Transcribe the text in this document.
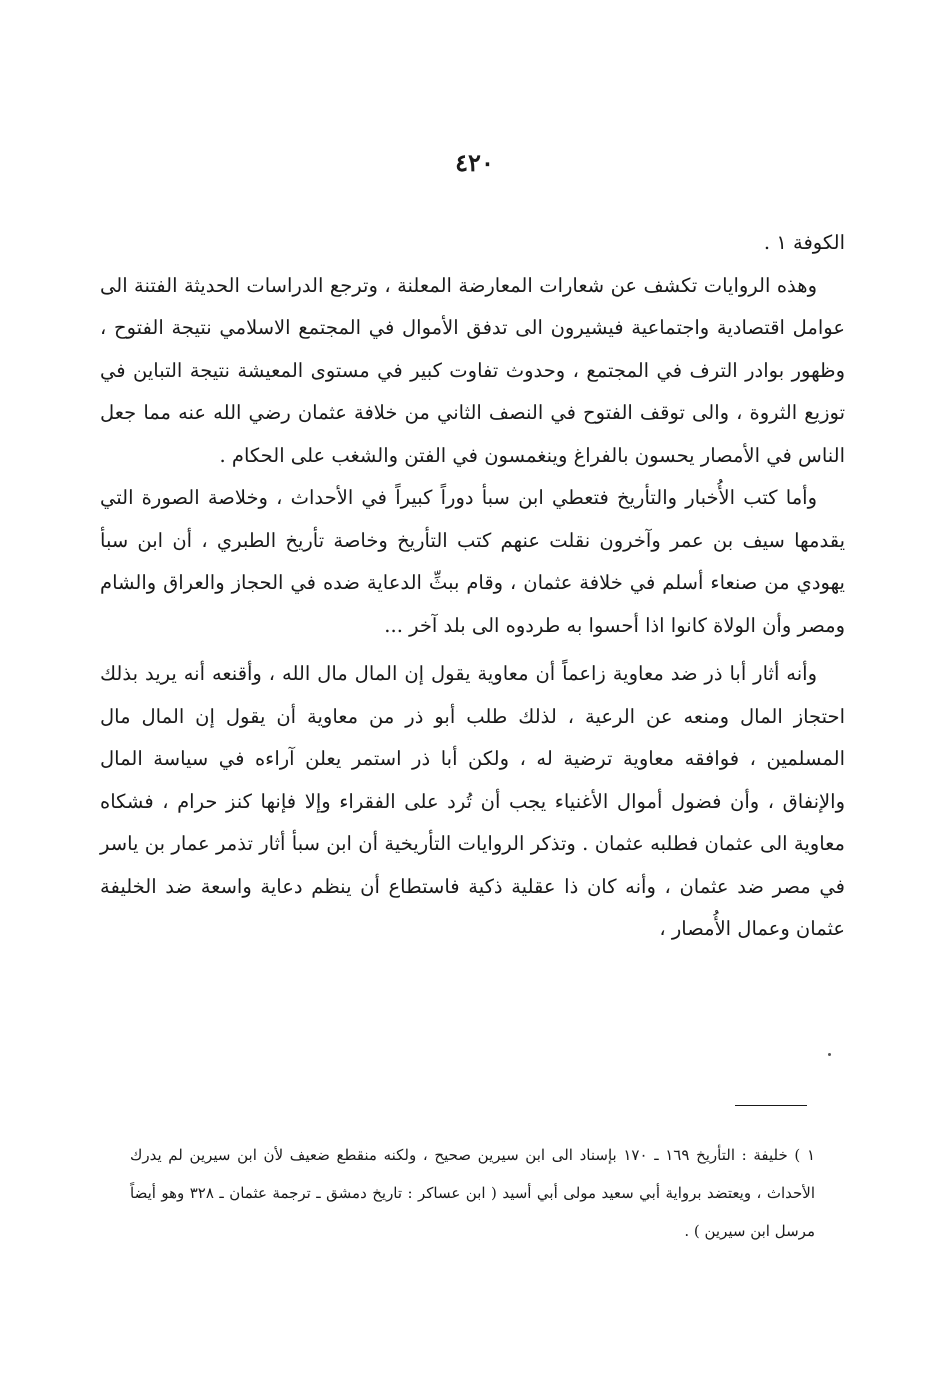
٤٢٠

الكوفة ١ .

وهذه الروايات تكشف عن شعارات المعارضة المعلنة ، وترجع الدراسات الحديثة الفتنة الى عوامل اقتصادية واجتماعية فيشيرون الى تدفق الأموال في المجتمع الاسلامي نتيجة الفتوح ، وظهور بوادر الترف في المجتمع ، وحدوث تفاوت كبير في مستوى المعيشة نتيجة التباين في توزيع الثروة ، والى توقف الفتوح في النصف الثاني من خلافة عثمان رضي الله عنه مما جعل الناس في الأمصار يحسون بالفراغ وينغمسون في الفتن والشغب على الحكام .

وأما كتب الأُخبار والتأريخ فتعطي ابن سبأ دوراً كبيراً في الأحداث ، وخلاصة الصورة التي يقدمها سيف بن عمر وآخرون نقلت عنهم كتب التأريخ وخاصة تأريخ الطبري ، أن ابن سبأ يهودي من صنعاء أسلم في خلافة عثمان ، وقام ببثِّ الدعاية ضده في الحجاز والعراق والشام ومصر وأن الولاة كانوا اذا أحسوا به طردوه الى بلد آخر ...

وأنه أثار أبا ذر ضد معاوية زاعماً أن معاوية يقول إن المال مال الله ، وأقنعه أنه يريد بذلك احتجاز المال ومنعه عن الرعية ، لذلك طلب أبو ذر من معاوية أن يقول إن المال مال المسلمين ، فوافقه معاوية ترضية له ، ولكن أبا ذر استمر يعلن آراءه في سياسة المال والإنفاق ، وأن فضول أموال الأغنياء يجب أن تُرد على الفقراء وإلا فإنها كنز حرام ، فشكاه معاوية الى عثمان فطلبه عثمان . وتذكر الروايات التأريخية أن ابن سبأ أثار تذمر عمار بن ياسر في مصر ضد عثمان ، وأنه كان ذا عقلية ذكية فاستطاع أن ينظم دعاية واسعة ضد الخليفة عثمان وعمال الأُمصار ،

١ ) خليفة : التأريخ ١٦٩ ـ ١٧٠ بإسناد الى ابن سيرين صحيح ، ولكنه منقطع ضعيف لأن ابن سيرين لم يدرك الأحداث ، ويعتضد برواية أبي سعيد مولى أبي أسيد ( ابن عساكر : تاريخ دمشق ـ ترجمة عثمان ـ ٣٢٨ وهو أيضاً مرسل ابن سيرين ) .
